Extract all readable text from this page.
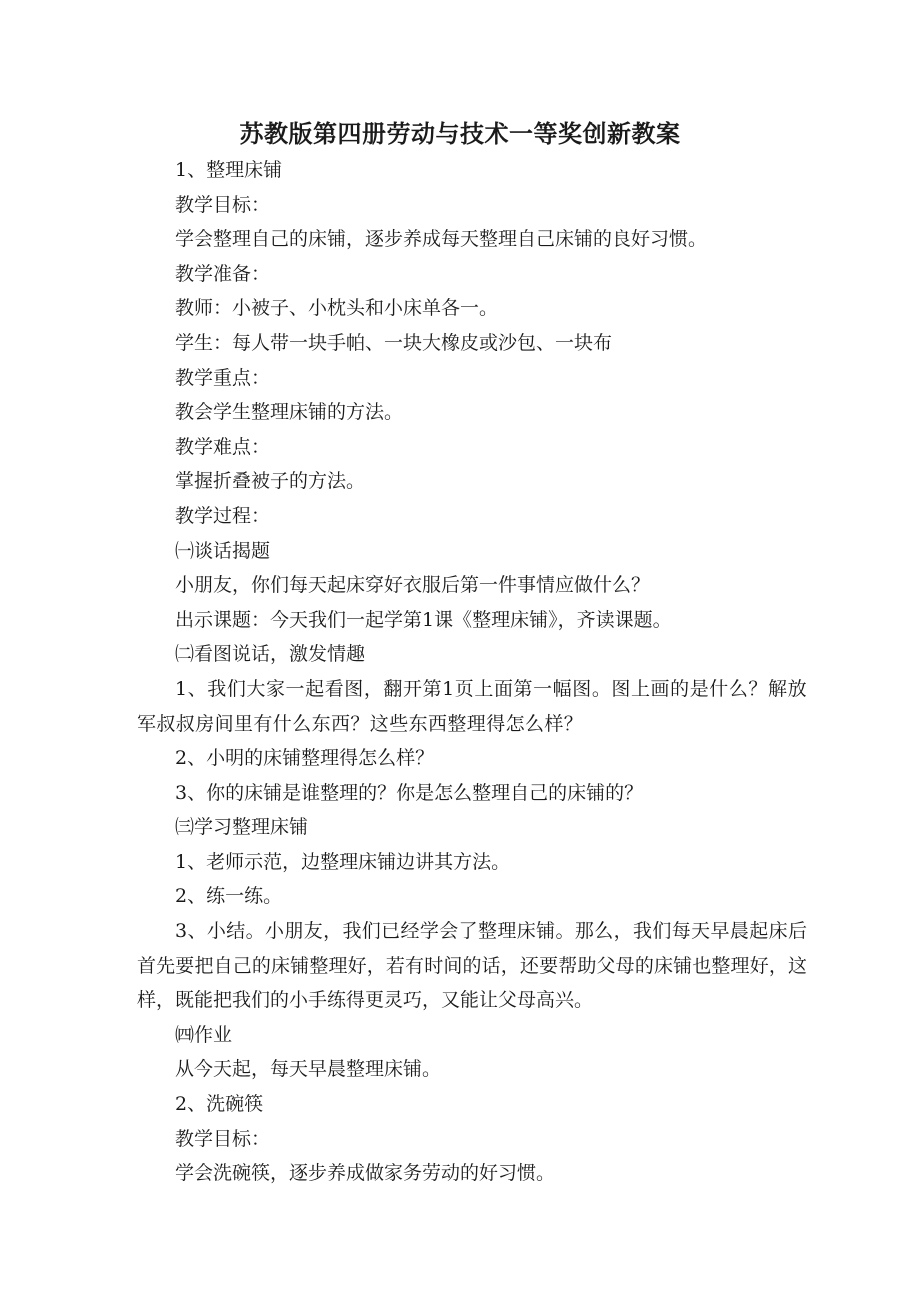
苏教版第四册劳动与技术一等奖创新教案

1、整理床铺

教学目标：

学会整理自己的床铺，逐步养成每天整理自己床铺的良好习惯。

教学准备：

教师：小被子、小枕头和小床单各一。

学生：每人带一块手帕、一块大橡皮或沙包、一块布

教学重点：

教会学生整理床铺的方法。

教学难点：

掌握折叠被子的方法。

教学过程：

㈠谈话揭题

小朋友，你们每天起床穿好衣服后第一件事情应做什么？

出示课题：今天我们一起学第1课《整理床铺》，齐读课题。

㈡看图说话，激发情趣

1、我们大家一起看图，翻开第1页上面第一幅图。图上画的是什么？解放军叔叔房间里有什么东西？这些东西整理得怎么样？

2、小明的床铺整理得怎么样？

3、你的床铺是谁整理的？你是怎么整理自己的床铺的？

㈢学习整理床铺

1、老师示范，边整理床铺边讲其方法。

2、练一练。

3、小结。小朋友，我们已经学会了整理床铺。那么，我们每天早晨起床后首先要把自己的床铺整理好，若有时间的话，还要帮助父母的床铺也整理好，这样，既能把我们的小手练得更灵巧，又能让父母高兴。

㈣作业

从今天起，每天早晨整理床铺。

2、洗碗筷

教学目标：

学会洗碗筷，逐步养成做家务劳动的好习惯。
